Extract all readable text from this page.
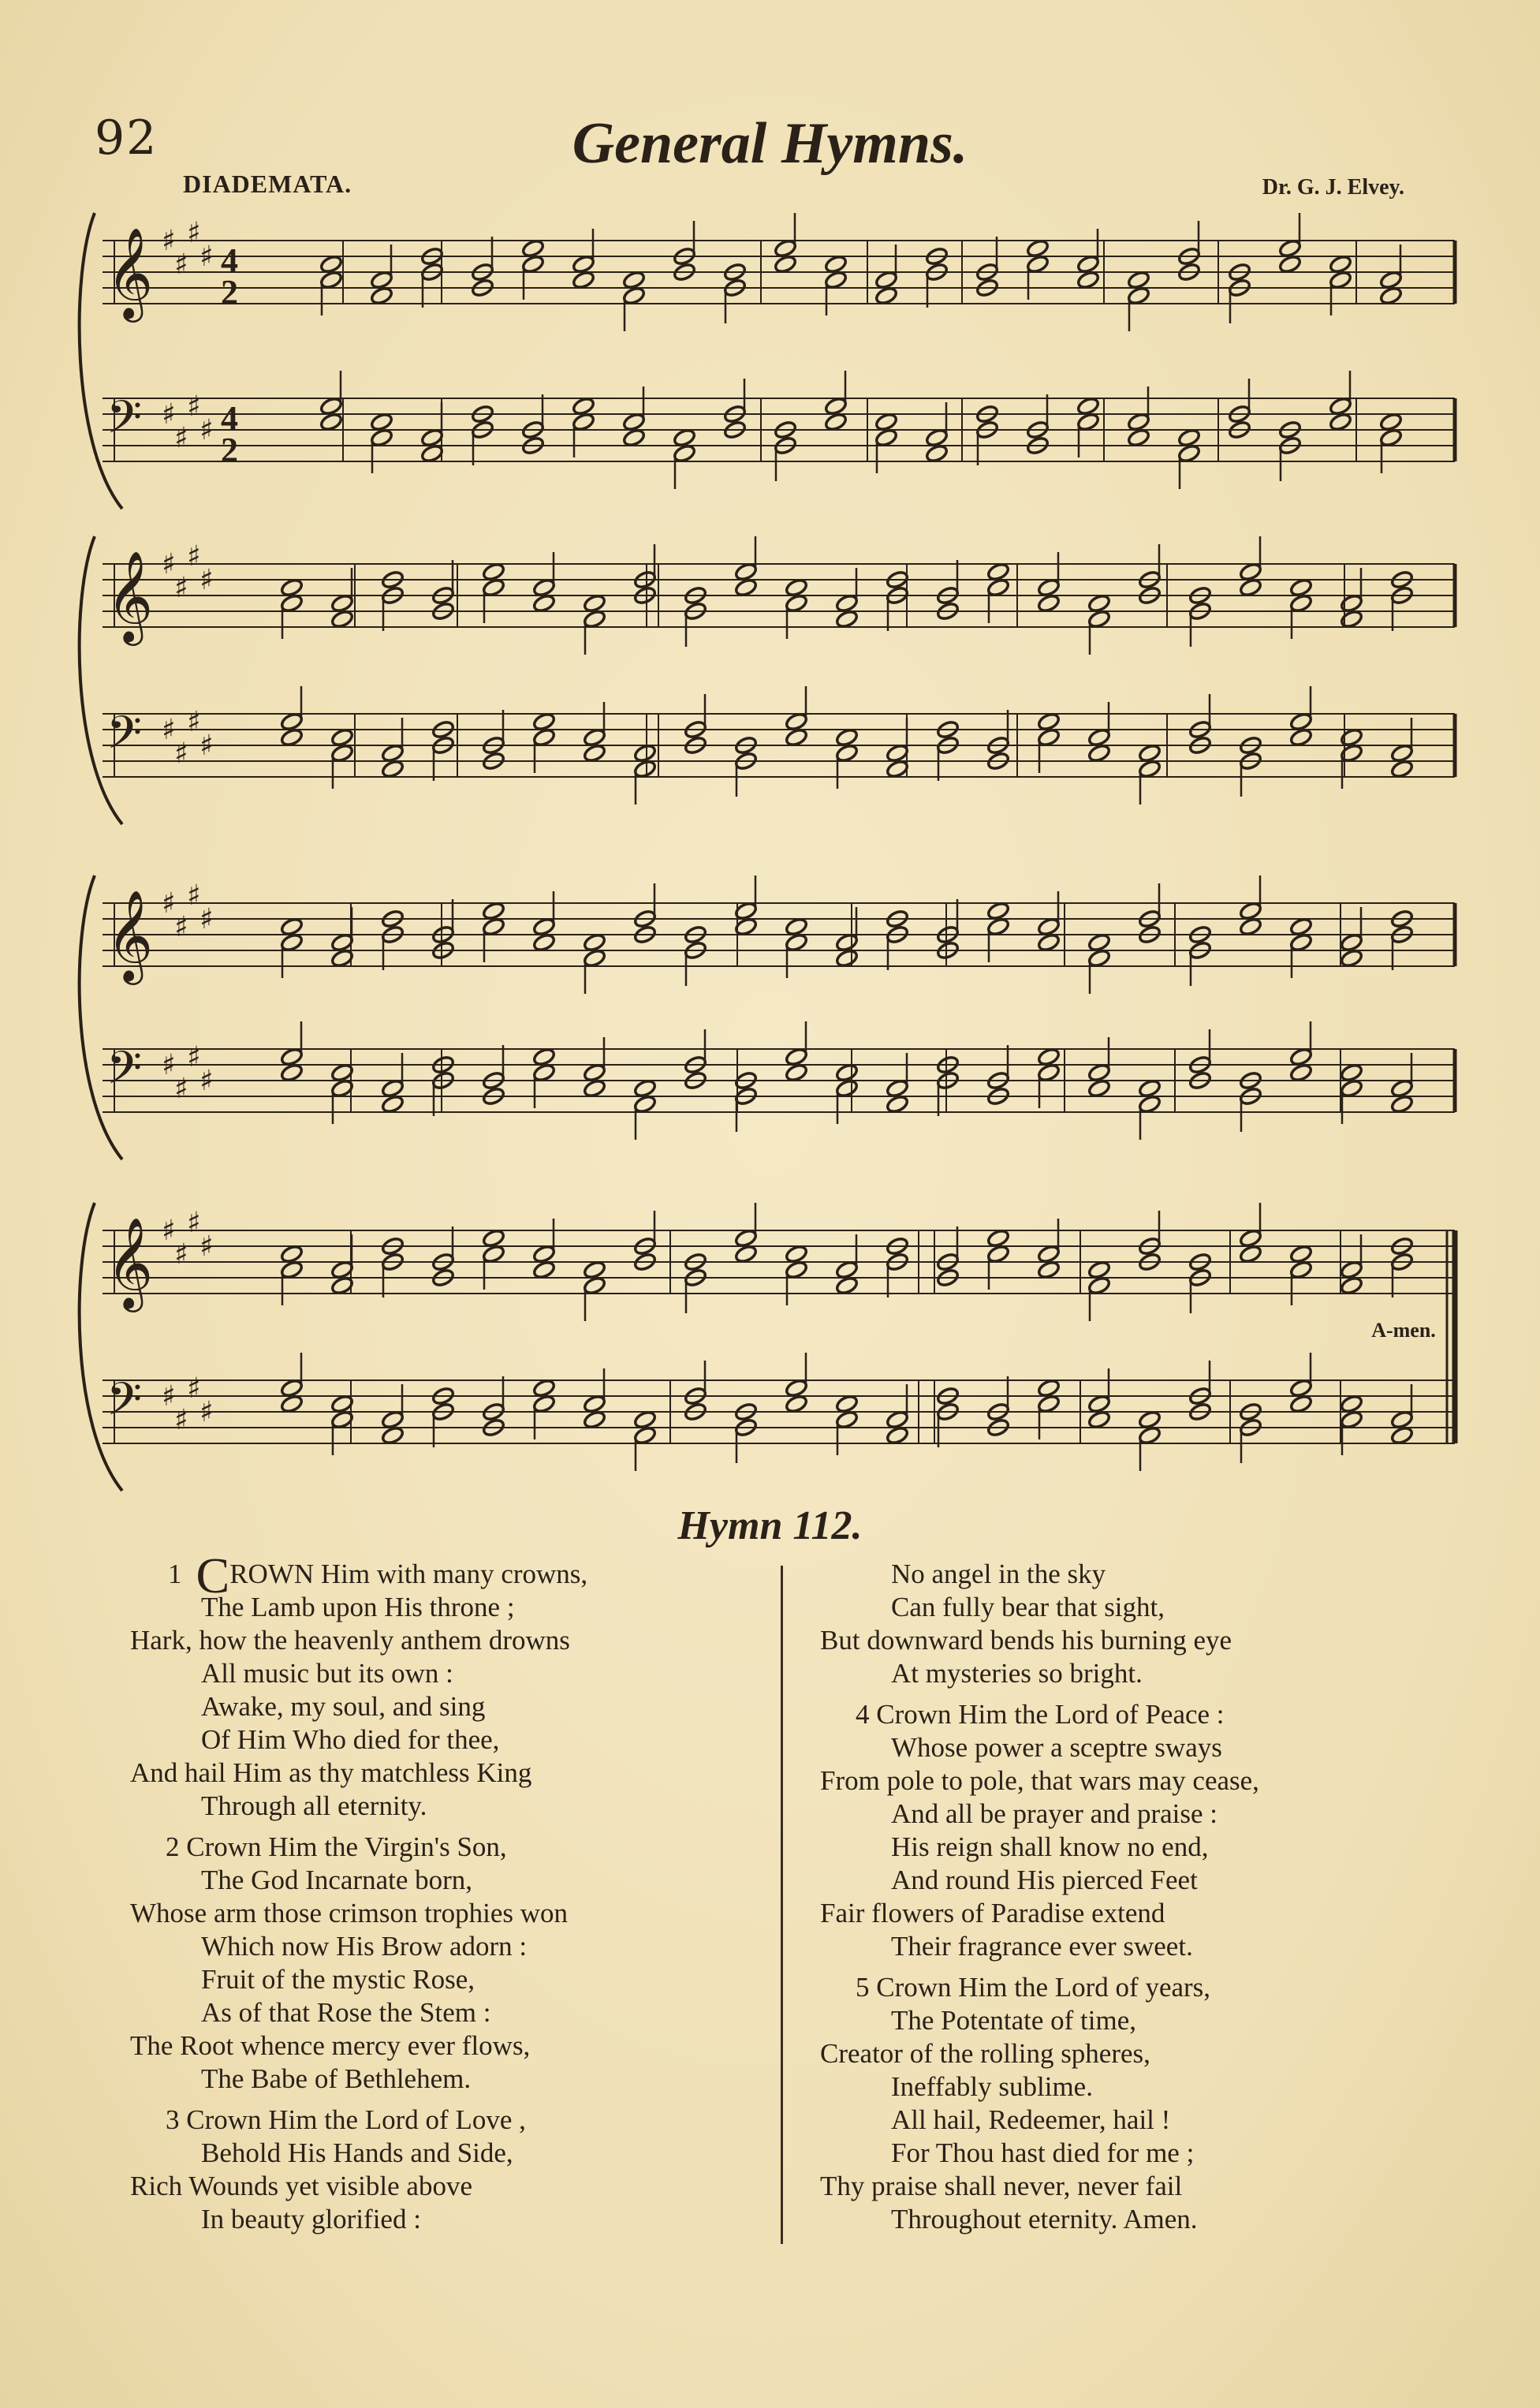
92	General Hymns.
DIADEMATA.	Dr. G. J. Elvey.
𝄞 ♯
♯
♯
♯ 4
2
𝄢 ♯
♯
♯
♯ 4
2
𝄞 ♯
♯
♯
♯
𝄢 ♯
♯
♯
♯
𝄞 ♯
♯
♯
♯
𝄢 ♯
♯
♯
♯
𝄞 ♯
♯
♯
♯
𝄢 ♯
♯
♯
♯
A-men.
Hymn 112.
1 CROWN Him with many crowns,
The Lamb upon His throne ;
Hark, how the heavenly anthem drowns
All music but its own :
Awake, my soul, and sing
Of Him Who died for thee,
And hail Him as thy matchless King
Through all eternity.
2 Crown Him the Virgin's Son,
The God Incarnate born,
Whose arm those crimson trophies won
Which now His Brow adorn :
Fruit of the mystic Rose,
As of that Rose the Stem :
The Root whence mercy ever flows,
The Babe of Bethlehem.
3 Crown Him the Lord of Love ,
Behold His Hands and Side,
Rich Wounds yet visible above
In beauty glorified :
No angel in the sky
Can fully bear that sight,
But downward bends his burning eye
At mysteries so bright.
4 Crown Him the Lord of Peace :
Whose power a sceptre sways
From pole to pole, that wars may cease,
And all be prayer and praise :
His reign shall know no end,
And round His pierced Feet
Fair flowers of Paradise extend
Their fragrance ever sweet.
5 Crown Him the Lord of years,
The Potentate of time,
Creator of the rolling spheres,
Ineffably sublime.
All hail, Redeemer, hail !
For Thou hast died for me ;
Thy praise shall never, never fail
Throughout eternity. Amen.
